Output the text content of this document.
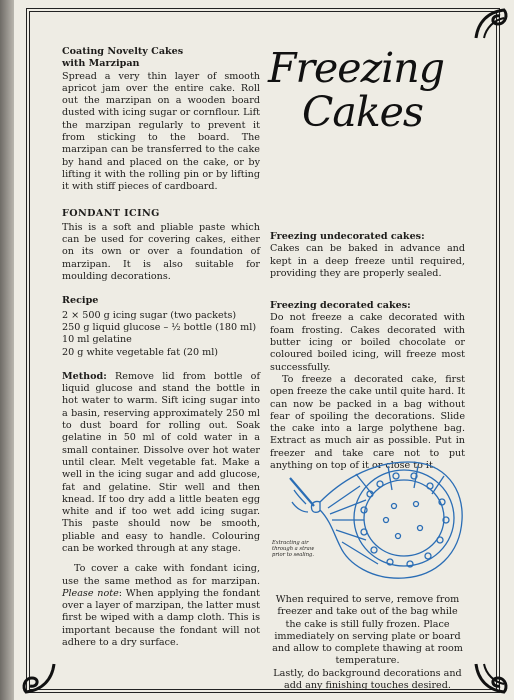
Coating Novelty Cakes
with Marzipan

Spread a very thin layer of smooth apricot jam over the entire cake. Roll out the marzipan on a wooden board dusted with icing sugar or cornflour. Lift the marzipan regularly to prevent it from sticking to the board. The marzipan can be transferred to the cake by hand and placed on the cake, or by lifting it with the rolling pin or by lifting it with stiff pieces of cardboard.

FONDANT ICING

This is a soft and pliable paste which can be used for covering cakes, either on its own or over a foundation of marzipan. It is also suitable for moulding decorations.

Recipe

2 × 500 g icing sugar (two packets)
250 g liquid glucose – ½ bottle (180 ml)
10 ml gelatine
20 g white vegetable fat (20 ml)

Method: Remove lid from bottle of liquid glucose and stand the bottle in hot water to warm. Sift icing sugar into a basin, reserving approximately 250 ml to dust board for rolling out. Soak gelatine in 50 ml of cold water in a small container. Dissolve over hot water until clear. Melt vegetable fat. Make a well in the icing sugar and add glucose, fat and gelatine. Stir well and then knead. If too dry add a little beaten egg white and if too wet add icing sugar. This paste should now be smooth, pliable and easy to handle. Colouring can be worked through at any stage.

To cover a cake with fondant icing, use the same method as for marzipan. Please note: When applying the fondant over a layer of marzipan, the latter must first be wiped with a damp cloth. This is important because the fondant will not adhere to a dry surface.

Freezing
Cakes

Freezing undecorated cakes:

Cakes can be baked in advance and kept in a deep freeze until required, providing they are properly sealed.

Freezing decorated cakes:

Do not freeze a cake decorated with foam frosting. Cakes decorated with butter icing or boiled chocolate or coloured boiled icing, will freeze most successfully.

To freeze a decorated cake, first open freeze the cake until quite hard. It can now be packed in a bag without fear of spoiling the decorations. Slide the cake into a large polythene bag. Extract as much air as possible. Put in freezer and take care not to put anything on top of it or close to it.

Extracting air through a straw prior to sealing.

When required to serve, remove from freezer and take out of the bag while the cake is still fully frozen. Place immediately on serving plate or board and allow to complete thawing at room temperature.

Lastly, do background decorations and add any finishing touches desired.
